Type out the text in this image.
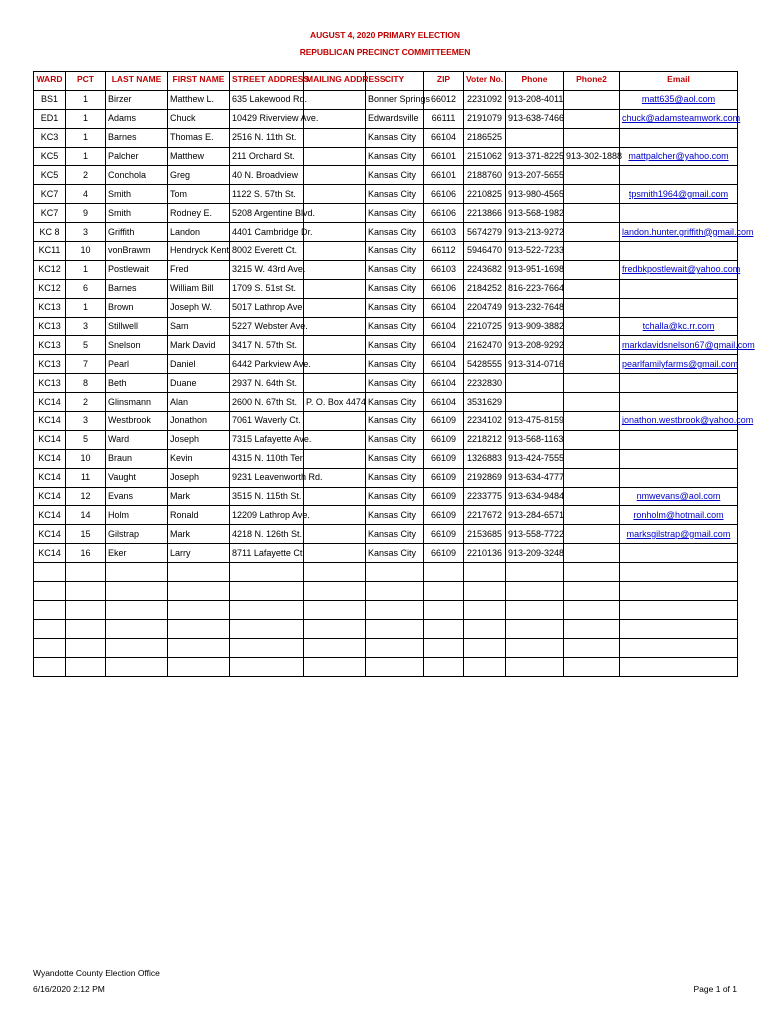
AUGUST 4, 2020 PRIMARY ELECTION
REPUBLICAN PRECINCT COMMITTEEMEN
WARD	PCT	LAST NAME	FIRST NAME	STREET ADDRESS	MAILING ADDRESS	CITY	ZIP	Voter No.	Phone	Phone2	Email
BS1	1	Birzer	Matthew L.	635 Lakewood Rd.		Bonner Springs	66012	2231092	913-208-4011		matt635@aol.com
ED1	1	Adams	Chuck	10429 Riverview Ave.		Edwardsville	66111	2191079	913-638-7466		chuck@adamsteamwork.com
KC3	1	Barnes	Thomas E.	2516 N. 11th St.		Kansas City	66104	2186525			
KC5	1	Palcher	Matthew	211 Orchard St.		Kansas City	66101	2151062	913-371-8225	913-302-1888	mattpalcher@yahoo.com
KC5	2	Conchola	Greg	40 N. Broadview		Kansas City	66101	2188760	913-207-5655		
KC7	4	Smith	Tom	1122 S. 57th St.		Kansas City	66106	2210825	913-980-4565		tpsmith1964@gmail.com
KC7	9	Smith	Rodney E.	5208 Argentine Blvd.		Kansas City	66106	2213866	913-568-1982		
KC 8	3	Griffith	Landon	4401 Cambridge Dr.		Kansas City	66103	5674279	913-213-9272		landon.hunter.griffith@gmail.com
KC11	10	vonBrawm	Hendryck Kent	8002 Everett Ct.		Kansas City	66112	5946470	913-522-7233		
KC12	1	Postlewait	Fred	3215 W. 43rd Ave.		Kansas City	66103	2243682	913-951-1698		fredbkpostlewait@yahoo.com
KC12	6	Barnes	William Bill	1709 S. 51st St.		Kansas City	66106	2184252	816-223-7664		
KC13	1	Brown	Joseph W.	5017 Lathrop Ave.		Kansas City	66104	2204749	913-232-7648		
KC13	3	Stillwell	Sam	5227 Webster Ave.		Kansas City	66104	2210725	913-909-3882		tchalla@kc.rr.com
KC13	5	Snelson	Mark David	3417 N. 57th St.		Kansas City	66104	2162470	913-208-9292		markdavidsnelson67@gmail.com
KC13	7	Pearl	Daniel	6442 Parkview Ave.		Kansas City	66104	5428555	913-314-0716		pearlfamilyfarms@gmail.com
KC13	8	Beth	Duane	2937 N. 64th St.		Kansas City	66104	2232830			
KC14	2	Glinsmann	Alan	2600 N. 67th St.	P. O. Box 4474	Kansas City	66104	3531629			
KC14	3	Westbrook	Jonathon	7061 Waverly Ct.		Kansas City	66109	2234102	913-475-8159		jonathon.westbrook@yahoo.com
KC14	5	Ward	Joseph	7315 Lafayette Ave.		Kansas City	66109	2218212	913-568-1163		
KC14	10	Braun	Kevin	4315 N. 110th Ter.		Kansas City	66109	1326883	913-424-7555		
KC14	11	Vaught	Joseph	9231 Leavenworth Rd.		Kansas City	66109	2192869	913-634-4777		
KC14	12	Evans	Mark	3515 N. 115th St.		Kansas City	66109	2233775	913-634-9484		nmwevans@aol.com
KC14	14	Holm	Ronald	12209 Lathrop Ave.		Kansas City	66109	2217672	913-284-6571		ronholm@hotmail.com
KC14	15	Gilstrap	Mark	4218 N. 126th St.		Kansas City	66109	2153685	913-558-7722		marksgilstrap@gmail.com
KC14	16	Eker	Larry	8711 Lafayette Ct.		Kansas City	66109	2210136	913-209-3248		

Wyandotte County Election Office
6/16/2020 2:12 PM	Page 1 of 1
